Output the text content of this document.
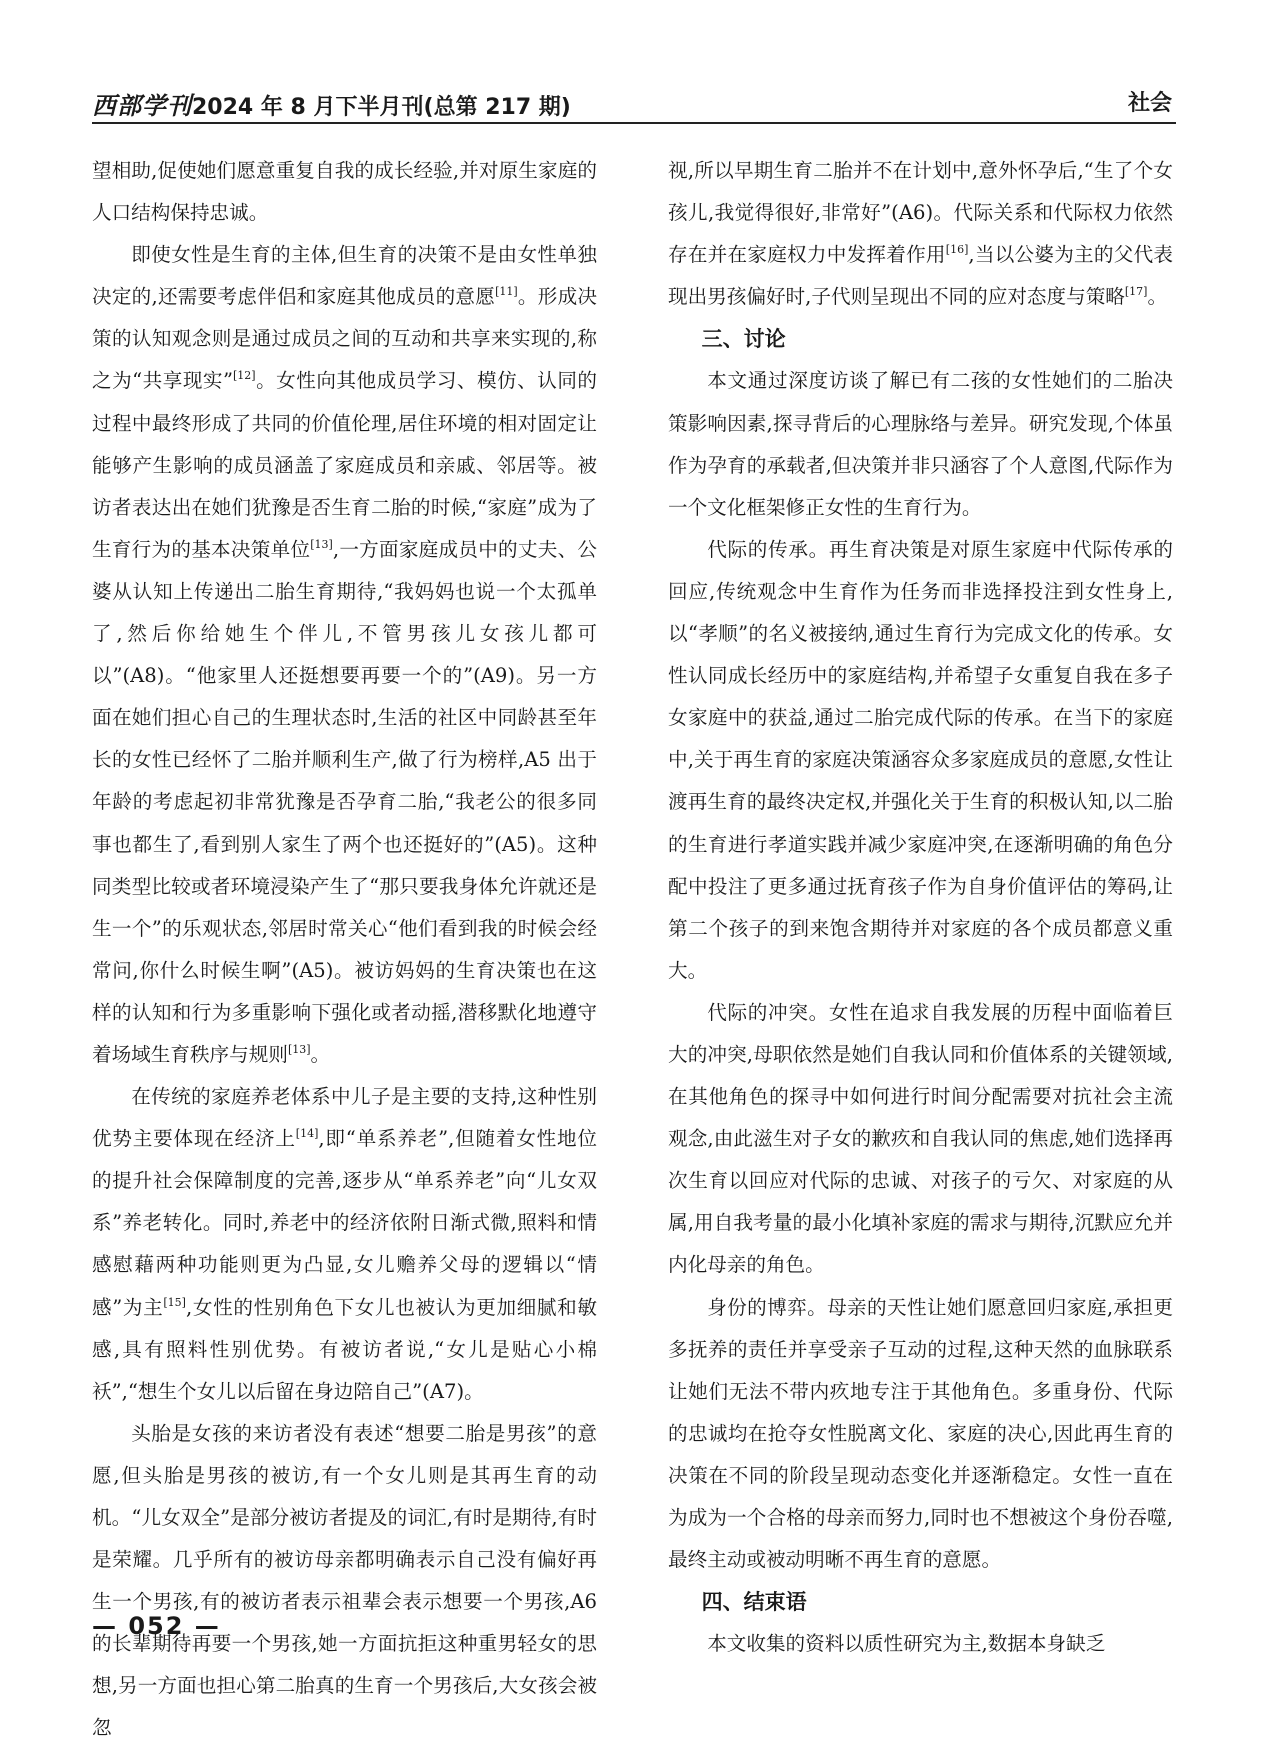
西部学刊2024 年 8 月下半月刊(总第 217 期)	社会

望相助,促使她们愿意重复自我的成长经验,并对原生家庭的人口结构保持忠诚。

即使女性是生育的主体,但生育的决策不是由女性单独决定的,还需要考虑伴侣和家庭其他成员的意愿[11]。形成决策的认知观念则是通过成员之间的互动和共享来实现的,称之为“共享现实”[12]。女性向其他成员学习、模仿、认同的过程中最终形成了共同的价值伦理,居住环境的相对固定让能够产生影响的成员涵盖了家庭成员和亲戚、邻居等。被访者表达出在她们犹豫是否生育二胎的时候,“家庭”成为了生育行为的基本决策单位[13],一方面家庭成员中的丈夫、公婆从认知上传递出二胎生育期待,“我妈妈也说一个太孤单了,然后你给她生个伴儿,不管男孩儿女孩儿都可以”(A8)。“他家里人还挺想要再要一个的”(A9)。另一方面在她们担心自己的生理状态时,生活的社区中同龄甚至年长的女性已经怀了二胎并顺利生产,做了行为榜样,A5 出于年龄的考虑起初非常犹豫是否孕育二胎,“我老公的很多同事也都生了,看到别人家生了两个也还挺好的”(A5)。这种同类型比较或者环境浸染产生了“那只要我身体允许就还是生一个”的乐观状态,邻居时常关心“他们看到我的时候会经常问,你什么时候生啊”(A5)。被访妈妈的生育决策也在这样的认知和行为多重影响下强化或者动摇,潜移默化地遵守着场域生育秩序与规则[13]。

在传统的家庭养老体系中儿子是主要的支持,这种性别优势主要体现在经济上[14],即“单系养老”,但随着女性地位的提升社会保障制度的完善,逐步从“单系养老”向“儿女双系”养老转化。同时,养老中的经济依附日渐式微,照料和情感慰藉两种功能则更为凸显,女儿赡养父母的逻辑以“情感”为主[15],女性的性别角色下女儿也被认为更加细腻和敏感,具有照料性别优势。有被访者说,“女儿是贴心小棉袄”,“想生个女儿以后留在身边陪自己”(A7)。

头胎是女孩的来访者没有表述“想要二胎是男孩”的意愿,但头胎是男孩的被访,有一个女儿则是其再生育的动机。“儿女双全”是部分被访者提及的词汇,有时是期待,有时是荣耀。几乎所有的被访母亲都明确表示自己没有偏好再生一个男孩,有的被访者表示祖辈会表示想要一个男孩,A6 的长辈期待再要一个男孩,她一方面抗拒这种重男轻女的思想,另一方面也担心第二胎真的生育一个男孩后,大女孩会被忽

视,所以早期生育二胎并不在计划中,意外怀孕后,“生了个女孩儿,我觉得很好,非常好”(A6)。代际关系和代际权力依然存在并在家庭权力中发挥着作用[16],当以公婆为主的父代表现出男孩偏好时,子代则呈现出不同的应对态度与策略[17]。

三、讨论

本文通过深度访谈了解已有二孩的女性她们的二胎决策影响因素,探寻背后的心理脉络与差异。研究发现,个体虽作为孕育的承载者,但决策并非只涵容了个人意图,代际作为一个文化框架修正女性的生育行为。

代际的传承。再生育决策是对原生家庭中代际传承的回应,传统观念中生育作为任务而非选择投注到女性身上,以“孝顺”的名义被接纳,通过生育行为完成文化的传承。女性认同成长经历中的家庭结构,并希望子女重复自我在多子女家庭中的获益,通过二胎完成代际的传承。在当下的家庭中,关于再生育的家庭决策涵容众多家庭成员的意愿,女性让渡再生育的最终决定权,并强化关于生育的积极认知,以二胎的生育进行孝道实践并减少家庭冲突,在逐渐明确的角色分配中投注了更多通过抚育孩子作为自身价值评估的筹码,让第二个孩子的到来饱含期待并对家庭的各个成员都意义重大。

代际的冲突。女性在追求自我发展的历程中面临着巨大的冲突,母职依然是她们自我认同和价值体系的关键领域,在其他角色的探寻中如何进行时间分配需要对抗社会主流观念,由此滋生对子女的歉疚和自我认同的焦虑,她们选择再次生育以回应对代际的忠诚、对孩子的亏欠、对家庭的从属,用自我考量的最小化填补家庭的需求与期待,沉默应允并内化母亲的角色。

身份的博弈。母亲的天性让她们愿意回归家庭,承担更多抚养的责任并享受亲子互动的过程,这种天然的血脉联系让她们无法不带内疚地专注于其他角色。多重身份、代际的忠诚均在抢夺女性脱离文化、家庭的决心,因此再生育的决策在不同的阶段呈现动态变化并逐渐稳定。女性一直在为成为一个合格的母亲而努力,同时也不想被这个身份吞噬,最终主动或被动明晰不再生育的意愿。

四、结束语

本文收集的资料以质性研究为主,数据本身缺乏

— 052 —
